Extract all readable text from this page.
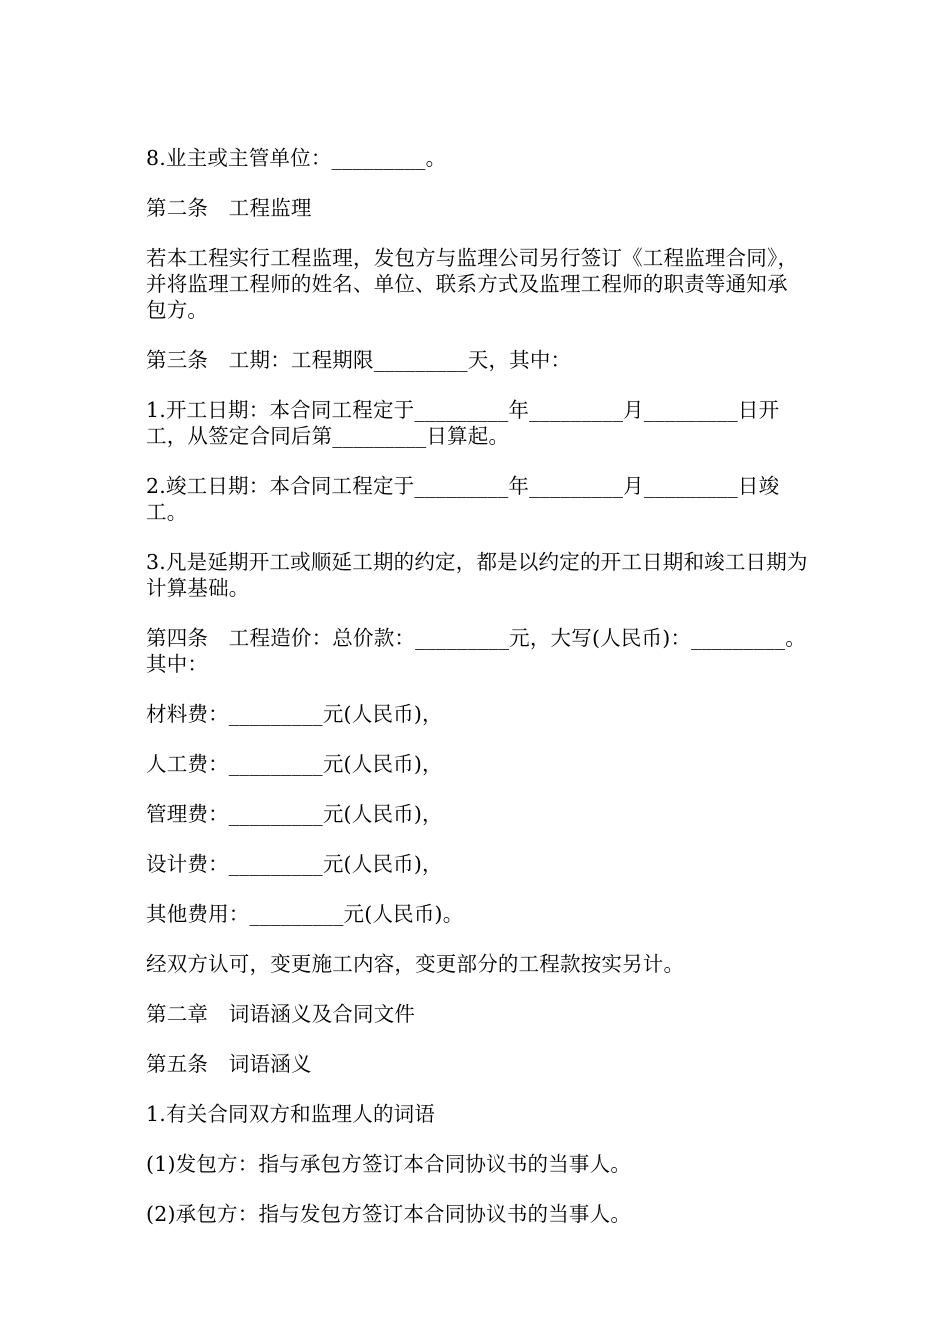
8.业主或主管单位：_________。

第二条　工程监理

若本工程实行工程监理，发包方与监理公司另行签订《工程监理合同》，并将监理工程师的姓名、单位、联系方式及监理工程师的职责等通知承包方。

第三条　工期：工程期限_________天，其中：

1.开工日期：本合同工程定于_________年_________月_________日开工，从签定合同后第_________日算起。

2.竣工日期：本合同工程定于_________年_________月_________日竣工。

3.凡是延期开工或顺延工期的约定，都是以约定的开工日期和竣工日期为计算基础。

第四条　工程造价：总价款：_________元，大写(人民币)：_________。其中：

材料费：_________元(人民币)，

人工费：_________元(人民币)，

管理费：_________元(人民币)，

设计费：_________元(人民币)，

其他费用：_________元(人民币)。

经双方认可，变更施工内容，变更部分的工程款按实另计。

第二章　词语涵义及合同文件

第五条　词语涵义

1.有关合同双方和监理人的词语

(1)发包方：指与承包方签订本合同协议书的当事人。

(2)承包方：指与发包方签订本合同协议书的当事人。
